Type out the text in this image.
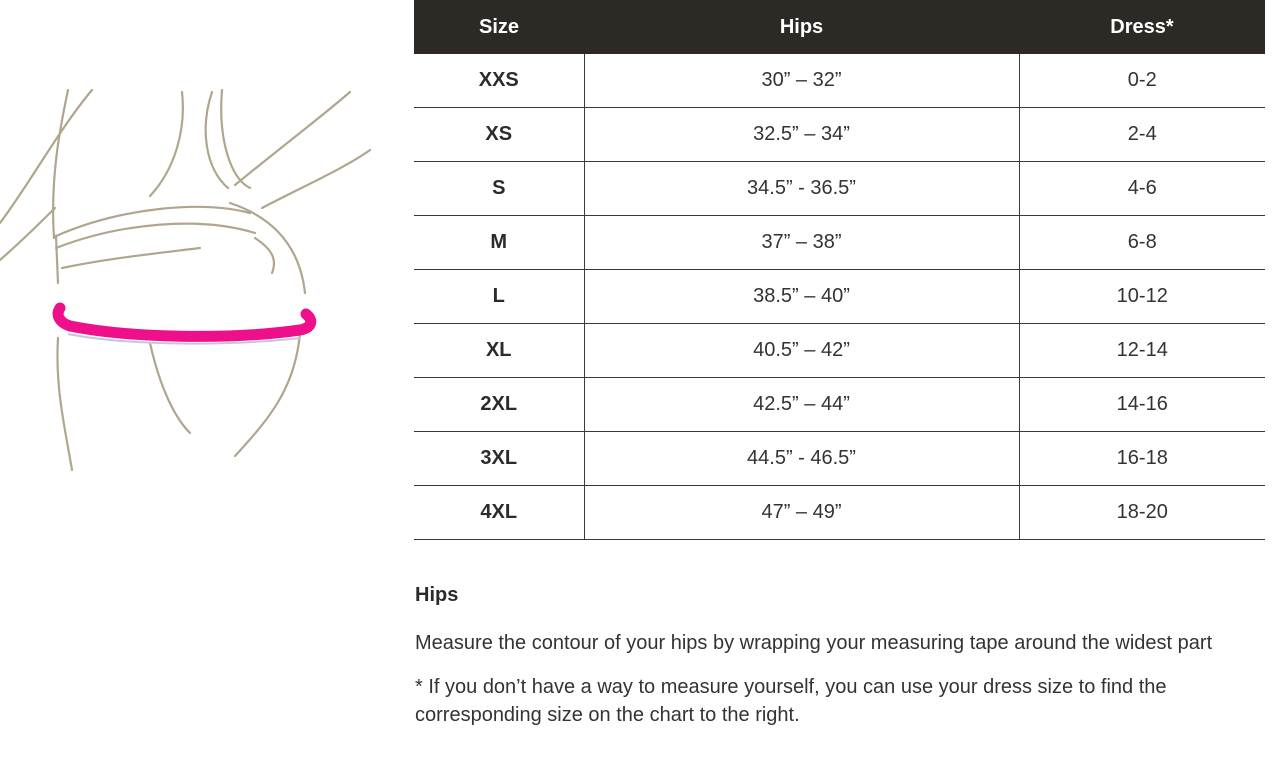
Size	Hips	Dress*
XXS	30” – 32”	0-2
XS	32.5” – 34”	2-4
S	34.5” - 36.5”	4-6
M	37” – 38”	6-8
L	38.5” – 40”	10-12
XL	40.5” – 42”	12-14
2XL	42.5” – 44”	14-16
3XL	44.5” - 46.5”	16-18
4XL	47” – 49”	18-20
Hips

Measure the contour of your hips by wrapping your measuring tape around the widest part

* If you don’t have a way to measure yourself, you can use your dress size to find the corresponding size on the chart to the right.
